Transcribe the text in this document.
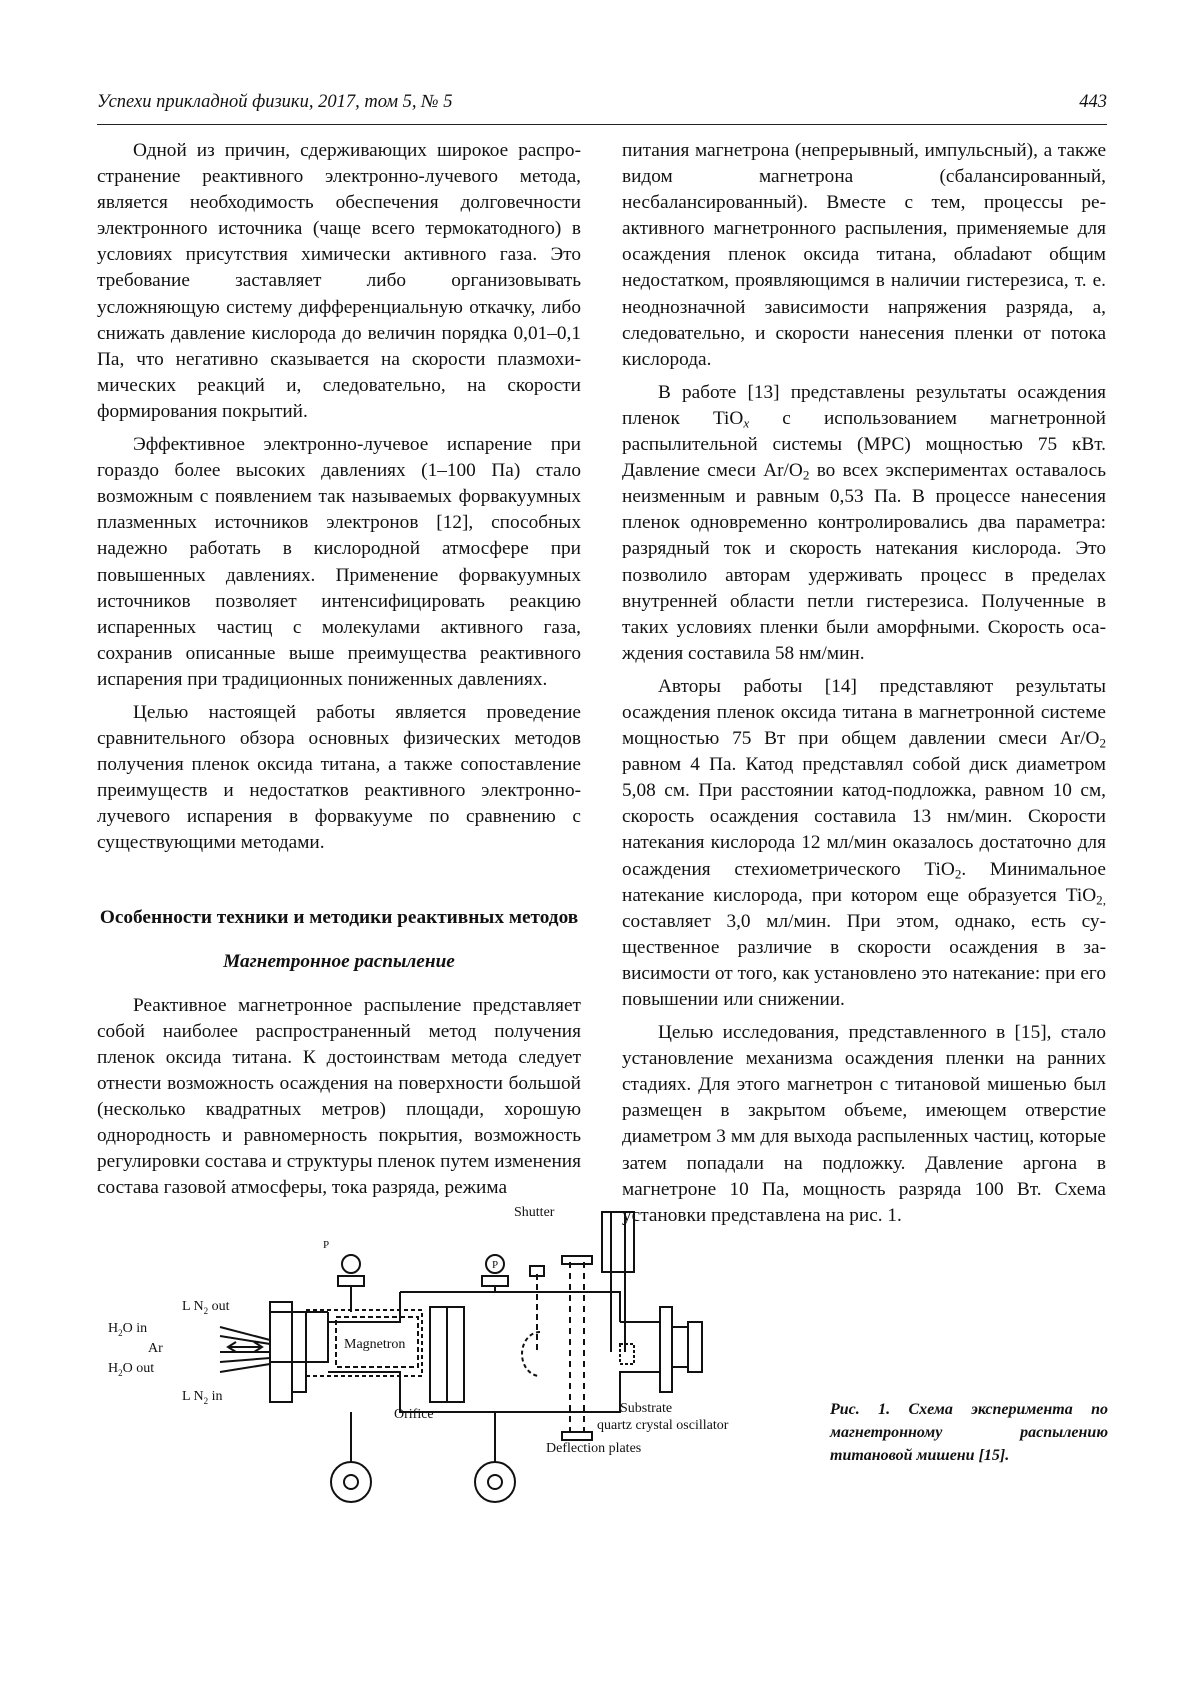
Успехи прикладной физики, 2017, том 5, № 5	443

Одной из причин, сдерживающих широкое распространение реактивного электронно-лучевого метода, является необходимость обеспечения долговечности электронного источника (чаще всего термокатодного) в условиях присутствия химически активного газа. Это требование заставляет либо организовывать усложняющую систему дифференциальную откачку, либо снижать давление кислорода до величин порядка 0,01–0,1 Па, что негативно сказывается на скорости плазмохимических реакций и, следовательно, на скорости формирования покрытий.

Эффективное электронно-лучевое испарение при гораздо более высоких давлениях (1–100 Па) стало возможным с появлением так называемых форвакуумных плазменных источников электронов [12], способных надежно работать в кислородной атмосфере при повышенных давлениях. Применение форвакуумных источников позволяет интенсифицировать реакцию испаренных частиц с молекулами активного газа, сохранив описанные выше преимущества реактивного испарения при традиционных пониженных давлениях.

Целью настоящей работы является проведение сравнительного обзора основных физических методов получения пленок оксида титана, а также сопоставление преимуществ и недостатков реактивного электронно-лучевого испарения в форвакууме по сравнению с существующими методами.

Особенности техники и методики реактивных методов
Магнетронное распыление

Реактивное магнетронное распыление представляет собой наиболее распространенный метод получения пленок оксида титана. К достоинствам метода следует отнести возможность осаждения на поверхности большой (несколько квадратных метров) площади, хорошую однородность и равномерность покрытия, возможность регулировки состава и структуры пленок путем изменения состава газовой атмосферы, тока разряда, режима

питания магнетрона (непрерывный, импульсный), а также видом магнетрона (сбалансированный, несбалансированный). Вместе с тем, процессы реактивного магнетронного распыления, применяемые для осаждения пленок оксида титана, облаdают общим недостатком, проявляющимся в наличии гистерезиса, т. е. неоднозначной зависимости напряжения разряда, а, следовательно, и скорости нанесения пленки от потока кислорода.

В работе [13] представлены результаты осаждения пленок TiO$_x$ с использованием магнетронной распылительной системы (МРС) мощностью 75 кВт. Давление смеси $Ar/O_2$ во всех экспериментах оставалось неизменным и равным 0,53 Па. В процессе нанесения пленок одновременно контролировались два параметра: разрядный ток и скорость натекания кислорода. Это позволило авторам удерживать процесс в пределах внутренней области петли гистерезиса. Полученные в таких условиях пленки были аморфными. Скорость осаждения составила 58 нм/мин.

Авторы работы [14] представляют результаты осаждения пленок оксида титана в магнетронной системе мощностью 75 Вт при общем давлении смеси $Ar/O_2$ равном 4 Па. Катод представлял собой диск диаметром 5,08 см. При расстоянии катод-подложка, равном 10 см, скорость осаждения составила 13 нм/мин. Скорости натекания кислорода 12 мл/мин оказалось достаточно для осаждения стехиометрического TiO$_2$. Минимальное натекание кислорода, при котором еще образуется TiO$_{2,}$ составляет 3,0 мл/мин. При этом, однако, есть существенное различие в скорости осаждения в зависимости от того, как установлено это натекание: при его повышении или снижении.

Целью исследования, представленного в [15], стало установление механизма осаждения пленки на ранних стадиях. Для этого магнетрон с титановой мишенью был размещен в закрытом объеме, имеющем отверстие диаметром 3 мм для выхода распыленных частиц, которые затем попадали на подложку. Давление аргона в магнетроне 10 Па, мощность разряда 100 Вт. Схема установки представлена на рис. 1.

P
P
Shutter
L $N_2$ out
$H_2O$ in
Ar
$H_2O$ out
L $N_2$ in
Magnetron
Orifice	Substrate
quartz crystal oscillator
Deflection plates
Рис. 1. Схема эксперимента по магнетронному распылению титановой мишени [15].
